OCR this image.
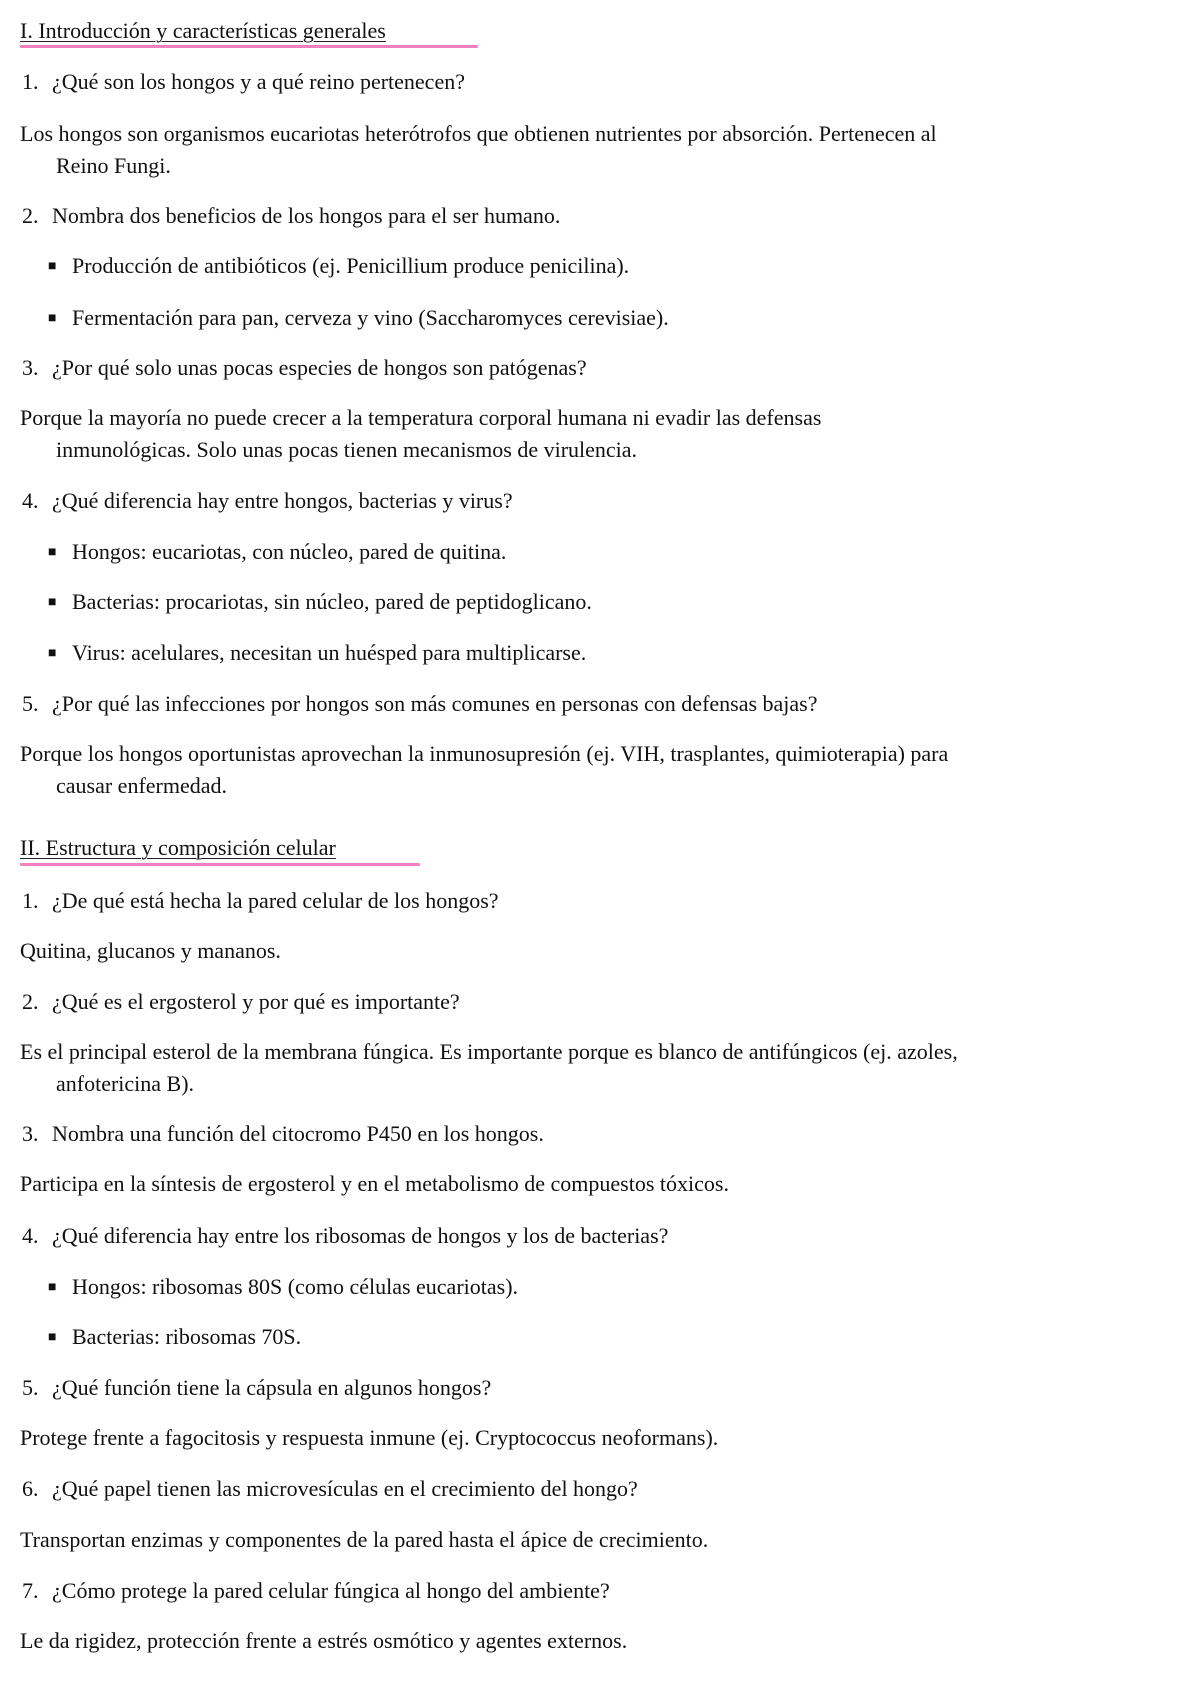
I. Introducción y características generales

1. ¿Qué son los hongos y a qué reino pertenecen?

Los hongos son organismos eucariotas heterótrofos que obtienen nutrientes por absorción. Pertenecen al

Reino Fungi.

2. Nombra dos beneficios de los hongos para el ser humano.

■ Producción de antibióticos (ej. Penicillium produce penicilina).

■ Fermentación para pan, cerveza y vino (Saccharomyces cerevisiae).

3. ¿Por qué solo unas pocas especies de hongos son patógenas?

Porque la mayoría no puede crecer a la temperatura corporal humana ni evadir las defensas

inmunológicas. Solo unas pocas tienen mecanismos de virulencia.

4. ¿Qué diferencia hay entre hongos, bacterias y virus?

■ Hongos: eucariotas, con núcleo, pared de quitina.

■ Bacterias: procariotas, sin núcleo, pared de peptidoglicano.

■ Virus: acelulares, necesitan un huésped para multiplicarse.

5. ¿Por qué las infecciones por hongos son más comunes en personas con defensas bajas?

Porque los hongos oportunistas aprovechan la inmunosupresión (ej. VIH, trasplantes, quimioterapia) para

causar enfermedad.

II. Estructura y composición celular

1. ¿De qué está hecha la pared celular de los hongos?

Quitina, glucanos y mananos.

2. ¿Qué es el ergosterol y por qué es importante?

Es el principal esterol de la membrana fúngica. Es importante porque es blanco de antifúngicos (ej. azoles,

anfotericina B).

3. Nombra una función del citocromo P450 en los hongos.

Participa en la síntesis de ergosterol y en el metabolismo de compuestos tóxicos.

4. ¿Qué diferencia hay entre los ribosomas de hongos y los de bacterias?

■ Hongos: ribosomas 80S (como células eucariotas).

■ Bacterias: ribosomas 70S.

5. ¿Qué función tiene la cápsula en algunos hongos?

Protege frente a fagocitosis y respuesta inmune (ej. Cryptococcus neoformans).

6. ¿Qué papel tienen las microvesículas en el crecimiento del hongo?

Transportan enzimas y componentes de la pared hasta el ápice de crecimiento.

7. ¿Cómo protege la pared celular fúngica al hongo del ambiente?

Le da rigidez, protección frente a estrés osmótico y agentes externos.
